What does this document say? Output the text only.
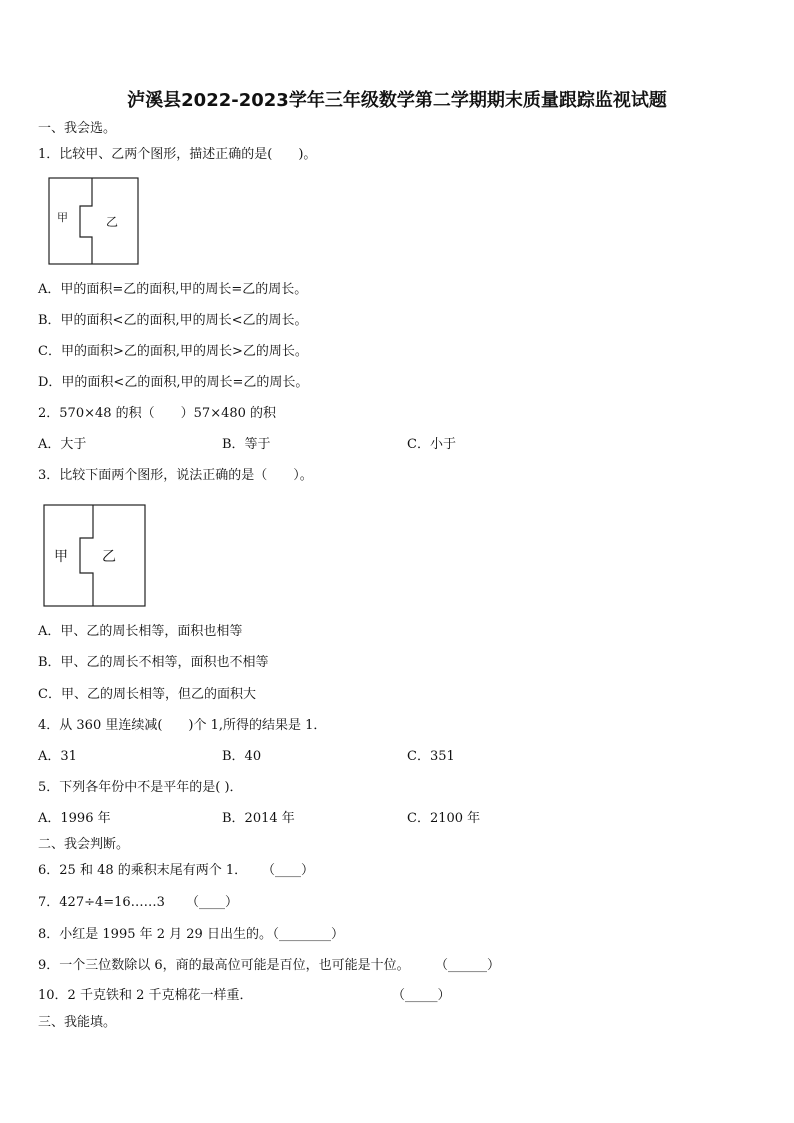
泸溪县2022-2023学年三年级数学第二学期期末质量跟踪监视试题
一、我会选。
1．比较甲、乙两个图形，描述正确的是(　　)。
甲	乙
A．甲的面积=乙的面积,甲的周长=乙的周长。
B．甲的面积<乙的面积,甲的周长<乙的周长。
C．甲的面积>乙的面积,甲的周长>乙的周长。
D．甲的面积<乙的面积,甲的周长=乙的周长。
2．570×48 的积（　　）57×480 的积
A．大于	B．等于	C．小于
3．比较下面两个图形，说法正确的是（　　）。
甲 乙
A．甲、乙的周长相等，面积也相等
B．甲、乙的周长不相等，面积也不相等
C．甲、乙的周长相等，但乙的面积大
4．从 360 里连续减(　　)个 1,所得的结果是 1．
A．31	B．40	C．351
5．下列各年份中不是平年的是( )．
A．1996 年	B．2014 年	C．2100 年
二、我会判断。
6．25 和 48 的乘积末尾有两个 1． （____）
7．427÷4=16……3 （____）
8．小红是 1995 年 2 月 29 日出生的。
（________）
9．一个三位数除以 6，商的最高位可能是百位，也可能是十位。 （______）
10．2 千克铁和 2 千克棉花一样重．	（_____）
三、我能填。
